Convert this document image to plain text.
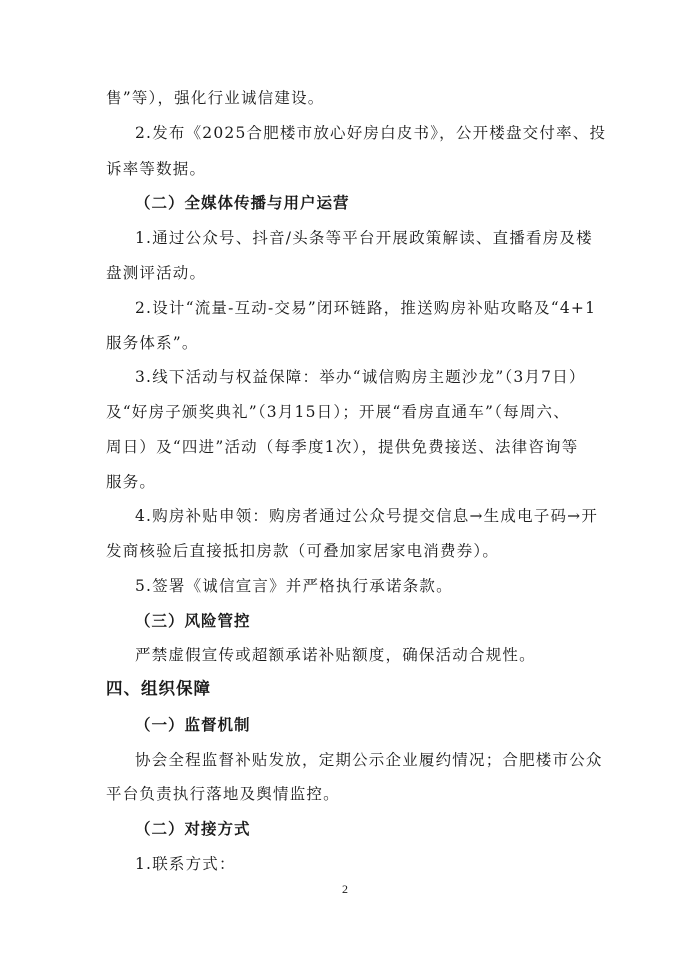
售”等），强化行业诚信建设。
2.发布《2025合肥楼市放心好房白皮书》，公开楼盘交付率、投
诉率等数据。
（二）全媒体传播与用户运营
1.通过公众号、抖音/头条等平台开展政策解读、直播看房及楼
盘测评活动。
2.设计“流量-互动-交易”闭环链路，推送购房补贴攻略及“4+1
服务体系”。
3.线下活动与权益保障：举办“诚信购房主题沙龙”（3月7日）
及“好房子颁奖典礼”（3月15日）；开展“看房直通车”（每周六、
周日）及“四进”活动（每季度1次），提供免费接送、法律咨询等
服务。
4.购房补贴申领：购房者通过公众号提交信息→生成电子码→开
发商核验后直接抵扣房款（可叠加家居家电消费券）。
5.签署《诚信宣言》并严格执行承诺条款。
（三）风险管控
严禁虚假宣传或超额承诺补贴额度，确保活动合规性。
四、组织保障
（一）监督机制
协会全程监督补贴发放，定期公示企业履约情况；合肥楼市公众
平台负责执行落地及舆情监控。
（二）对接方式
1.联系方式：
2
